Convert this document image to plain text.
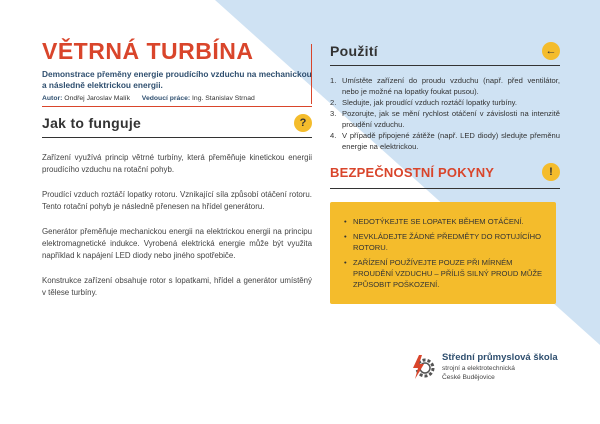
VĚTRNÁ TURBÍNA
Demonstrace přeměny energie proudícího vzduchu na mechanickou a následně elektrickou energii.
Autor: Ondřej Jaroslav Malík Vedoucí práce: Ing. Stanislav Strnad
Jak to funguje	?

Zařízení využívá princip větrné turbíny, která přeměňuje kinetickou energii proudícího vzduchu na rotační pohyb.

Proudící vzduch roztáčí lopatky rotoru. Vznikající síla způsobí otáčení rotoru. Tento rotační pohyb je následně přenesen na hřídel generátoru.

Generátor přeměňuje mechanickou energii na elektrickou energii na principu elektromagnetické indukce. Vyrobená elektrická energie může být využita například k napájení LED diody nebo jiného spotřebiče.

Konstrukce zařízení obsahuje rotor s lopatkami, hřídel a generátor umístěný v tělese turbíny.

Použití	←
1. Umístěte zařízení do proudu vzduchu (např. před ventilátor, nebo je možné na lopatky foukat pusou).
2. Sledujte, jak proudící vzduch roztáčí lopatky turbíny.
3. Pozorujte, jak se mění rychlost otáčení v závislosti na intenzitě proudění vzduchu.
4. V případě připojené zátěže (např. LED diody) sledujte přeměnu energie na elektrickou.
BEZPEČNOSTNÍ POKYNY	!
• NEDOTÝKEJTE SE LOPATEK BĚHEM OTÁČENÍ.
• NEVKLÁDEJTE ŽÁDNÉ PŘEDMĚTY DO ROTUJÍCÍHO ROTORU.
• ZAŘÍZENÍ POUŽÍVEJTE POUZE PŘI MÍRNÉM PROUDĚNÍ VZDUCHU – PŘÍLIŠ SILNÝ PROUD MŮŽE ZPŮSOBIT POŠKOZENÍ.
Střední průmyslová škola
strojní a elektrotechnická
České Budějovice
